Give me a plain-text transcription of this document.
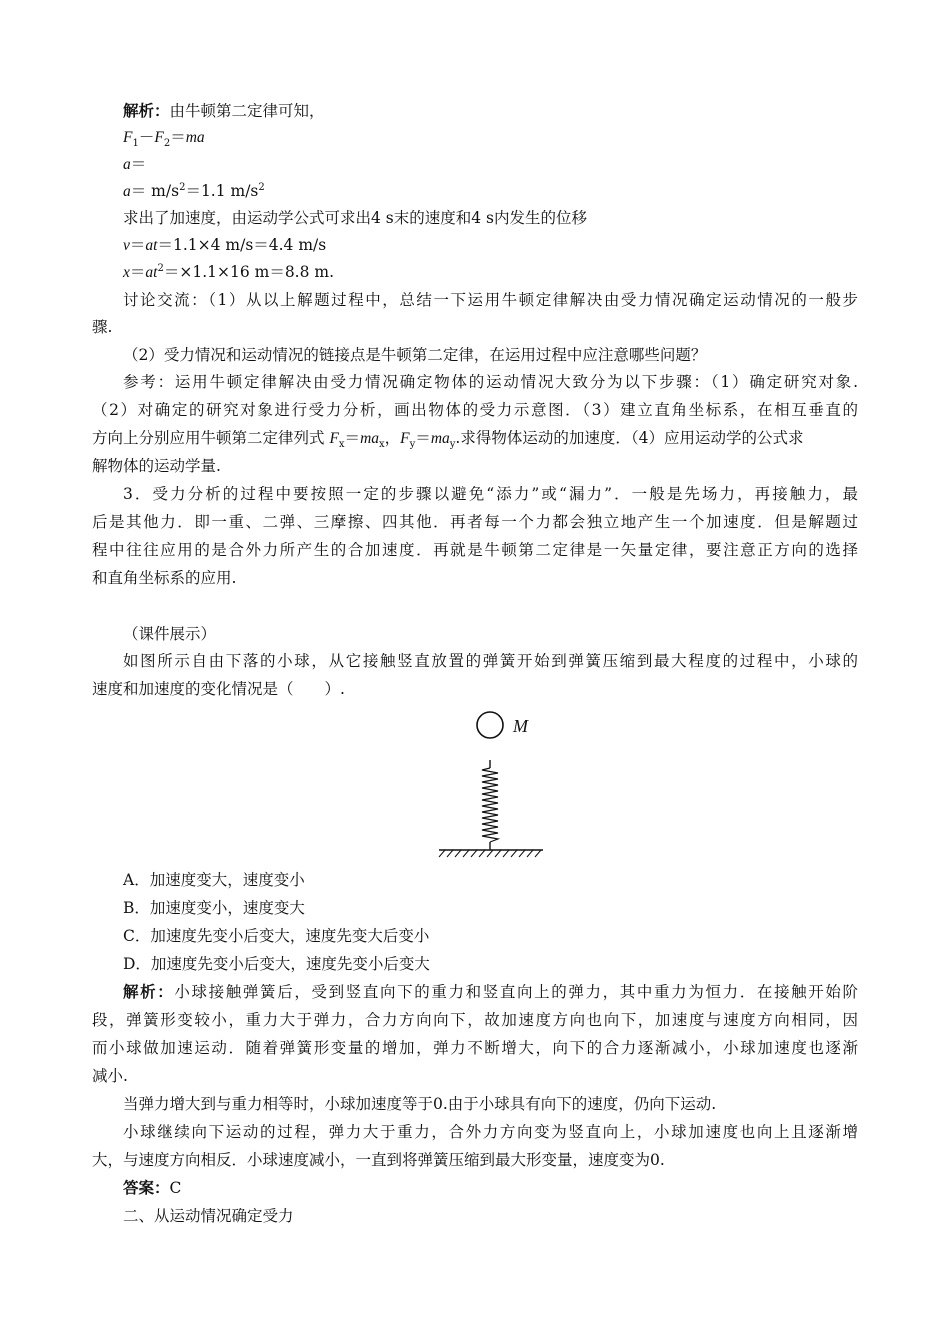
解析：由牛顿第二定律可知，
$F_1-F_2=ma$
a＝
$a= m/s^2=1.1$ $m/s^2$
求出了加速度，由运动学公式可求出4 s末的速度和4 s内发生的位移
v＝at＝1.1×4 m/s＝4.4 m/s
$x=at^2=\times 1.1\times 16$ m＝8.8 m.
讨论交流：（1）从以上解题过程中，总结一下运用牛顿定律解决由受力情况确定运动情况的一般步
骤.
（2）受力情况和运动情况的链接点是牛顿第二定律，在运用过程中应注意哪些问题？
参考：运用牛顿定律解决由受力情况确定物体的运动情况大致分为以下步骤：（1）确定研究对象.
（2）对确定的研究对象进行受力分析，画出物体的受力示意图．（3）建立直角坐标系，在相互垂直的
方向上分别应用牛顿第二定律列式 $F_x=ma_x$，$F_y=ma_y$.求得物体运动的加速度．（4）应用运动学的公式求
解物体的运动学量.
3．受力分析的过程中要按照一定的步骤以避免“添力”或“漏力”．一般是先场力，再接触力，最
后是其他力．即一重、二弹、三摩擦、四其他．再者每一个力都会独立地产生一个加速度．但是解题过
程中往往应用的是合外力所产生的合加速度．再就是牛顿第二定律是一矢量定律，要注意正方向的选择
和直角坐标系的应用.
（课件展示）
如图所示自由下落的小球，从它接触竖直放置的弹簧开始到弹簧压缩到最大程度的过程中，小球的
速度和加速度的变化情况是（　　）.
M
A．加速度变大，速度变小
B．加速度变小，速度变大
C．加速度先变小后变大，速度先变大后变小
D．加速度先变小后变大，速度先变小后变大
解析：小球接触弹簧后，受到竖直向下的重力和竖直向上的弹力，其中重力为恒力．在接触开始阶
段，弹簧形变较小，重力大于弹力，合力方向向下，故加速度方向也向下，加速度与速度方向相同，因
而小球做加速运动．随着弹簧形变量的增加，弹力不断增大，向下的合力逐渐减小，小球加速度也逐渐
减小.
当弹力增大到与重力相等时，小球加速度等于0.由于小球具有向下的速度，仍向下运动.
小球继续向下运动的过程，弹力大于重力，合外力方向变为竖直向上，小球加速度也向上且逐渐增
大，与速度方向相反．小球速度减小，一直到将弹簧压缩到最大形变量，速度变为0.
答案：C
二、从运动情况确定受力
